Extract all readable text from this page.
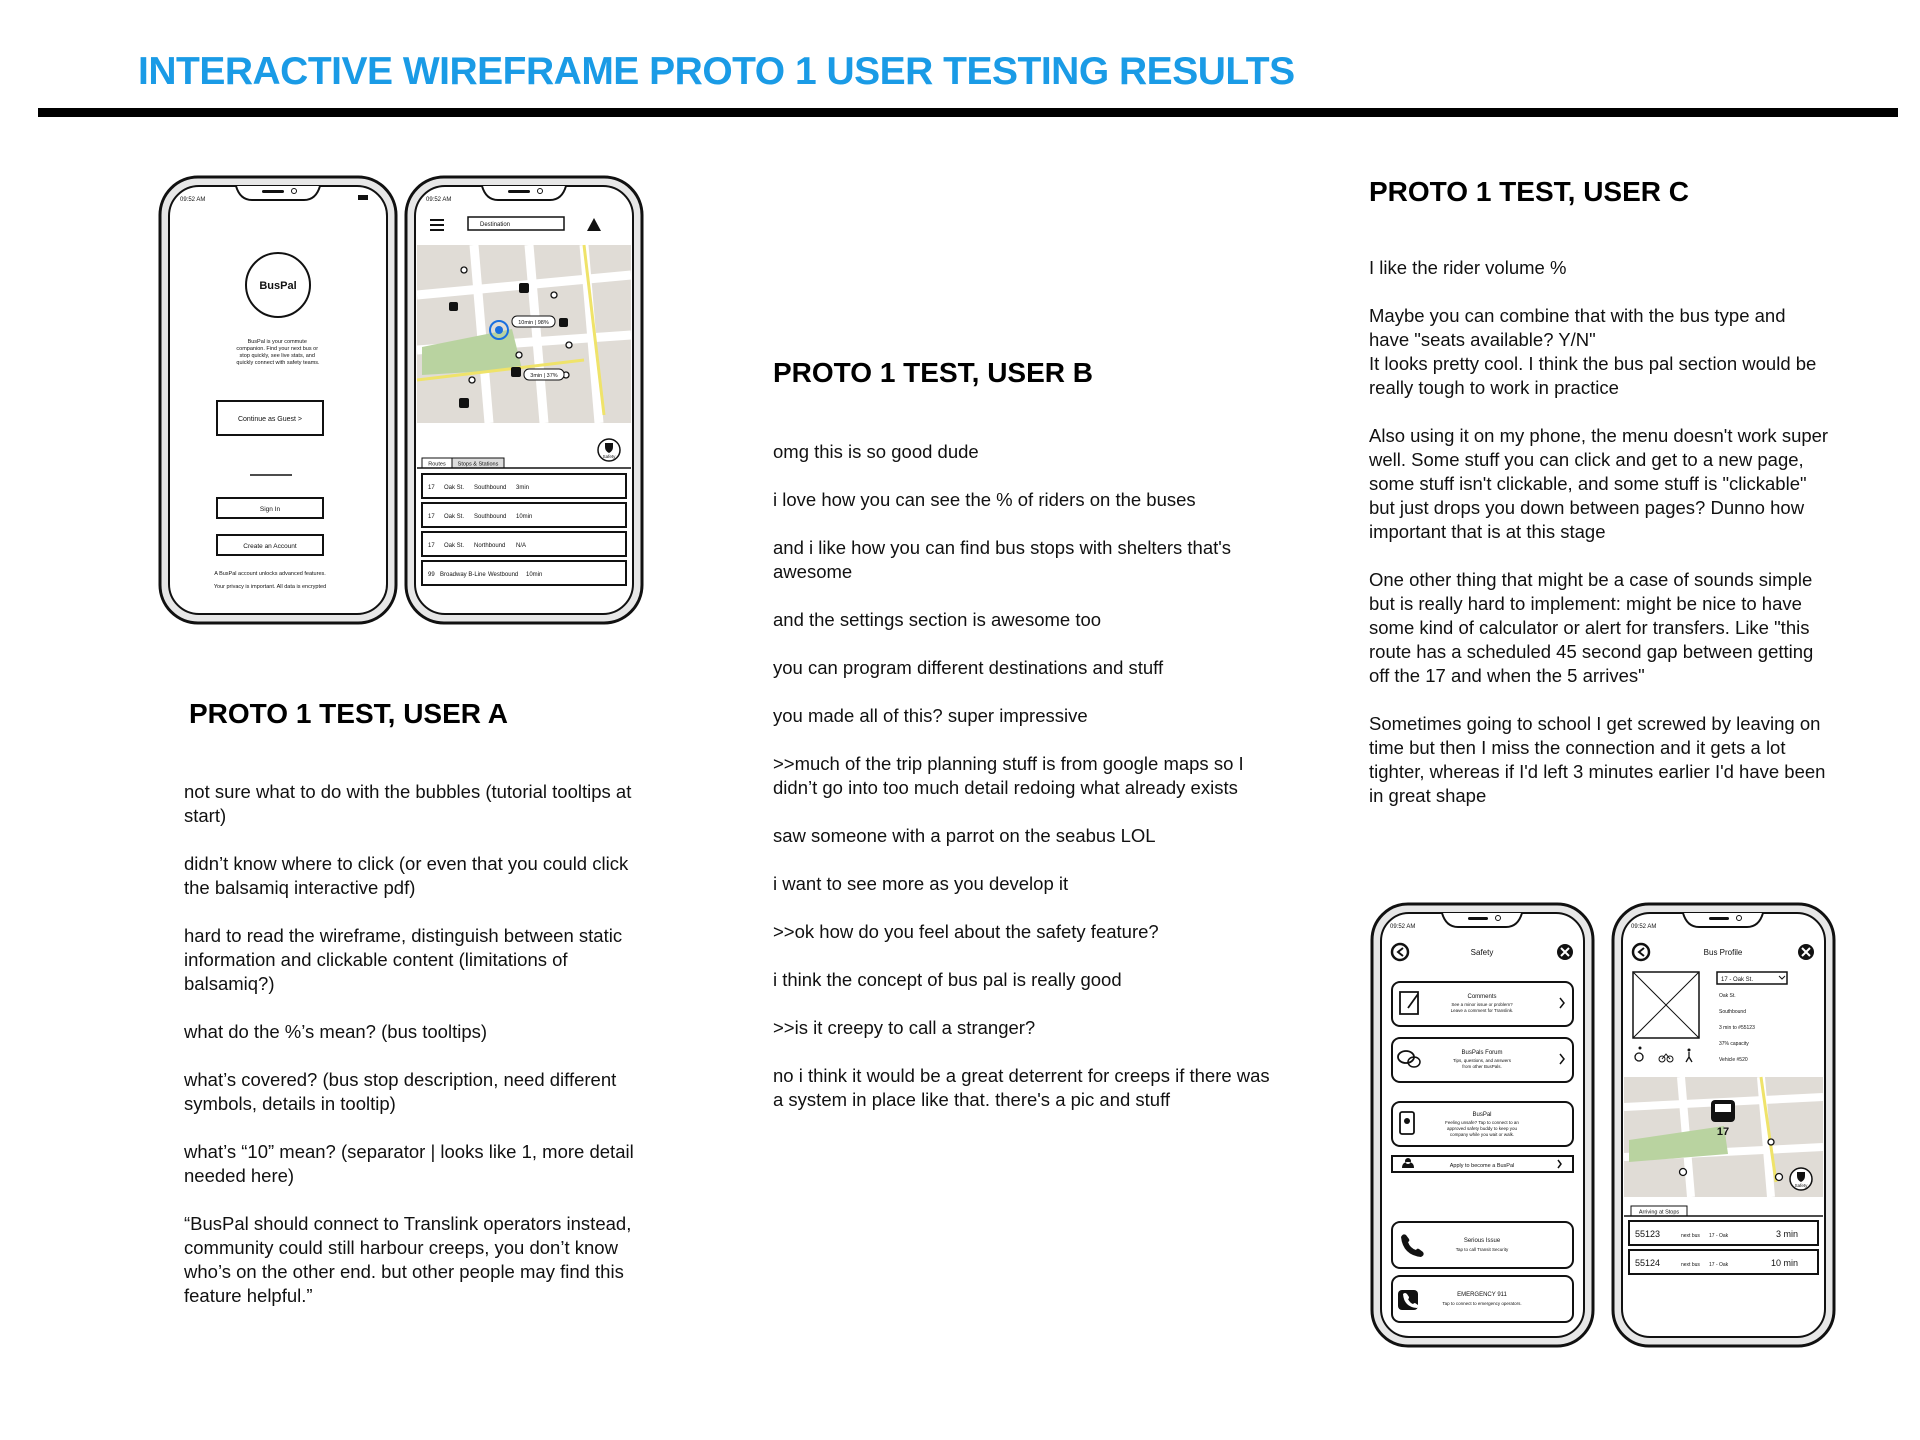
INTERACTIVE WIREFRAME PROTO 1 USER TESTING RESULTS
09:52 AM
BusPal
BusPal is your commute companion. Find your next bus or stop quickly, see live stats, and quickly connect with safety teams.
Continue as Guest >
Sign In
Create an Account
A BusPal account unlocks advanced features.
Your privacy is important. All data is encrypted
09:52 AM
Destination
10min | 98%
3min | 37%
Safety
Routes Stops & Stations
17 Oak St. Southbound 3min
17 Oak St. Southbound 10min
17 Oak St. Northbound N/A
99 Broadway B-Line Westbound 10min
09:52 AM
Safety
Comments
See a minor issue or problem? Leave a comment for Translink.
BusPals Forum
Tips, questions, and answers from other BusPals.
BusPal
Feeling unsafe? Tap to connect to an approved safety buddy to keep you company while you wait or walk.
Apply to become a BusPal
Serious Issue
Tap to call Transit Security
EMERGENCY 911
Tap to connect to emergency operators.
09:52 AM
Bus Profile
17 - Oak St.
Oak St. Southbound 3 min to #55123 37% capacity Vehicle #520
17
Safety
Arriving at Stops
55123	next bus 17 - Oak	3 min
55124	next bus 17 - Oak	10 min
PROTO 1 TEST, USER A

not sure what to do with the bubbles (tutorial tooltips at start)

didn’t know where to click (or even that you could click the balsamiq interactive pdf)

hard to read the wireframe, distinguish between static information and clickable content (limitations of balsamiq?)

what do the %’s mean? (bus tooltips)

what’s covered? (bus stop description, need different symbols, details in tooltip)

what’s “10” mean? (separator | looks like 1, more detail needed here)

“BusPal should connect to Translink operators instead, community could still harbour creeps, you don’t know who’s on the other end. but other people may find this feature helpful.”

PROTO 1 TEST, USER B

omg this is so good dude

i love how you can see the % of riders on the buses

and i like how you can find bus stops with shelters that's awesome

and the settings section is awesome too

you can program different destinations and stuff

you made all of this? super impressive

>>much of the trip planning stuff is from google maps so I didn’t go into too much detail redoing what already exists

saw someone with a parrot on the seabus LOL

i want to see more as you develop it

>>ok how do you feel about the safety feature?

i think the concept of bus pal is really good

>>is it creepy to call a stranger?

no i think it would be a great deterrent for creeps if there was a system in place like that. there's a pic and stuff

PROTO 1 TEST, USER C

I like the rider volume %

Maybe you can combine that with the bus type and have "seats available? Y/N"
It looks pretty cool. I think the bus pal section would be really tough to work in practice

Also using it on my phone, the menu doesn't work super well. Some stuff you can click and get to a new page, some stuff isn't clickable, and some stuff is "clickable" but just drops you down between pages? Dunno how important that is at this stage

One other thing that might be a case of sounds simple but is really hard to implement: might be nice to have some kind of calculator or alert for transfers. Like "this route has a scheduled 45 second gap between getting off the 17 and when the 5 arrives"

Sometimes going to school I get screwed by leaving on time but then I miss the connection and it gets a lot tighter, whereas if I'd left 3 minutes earlier I'd have been in great shape
